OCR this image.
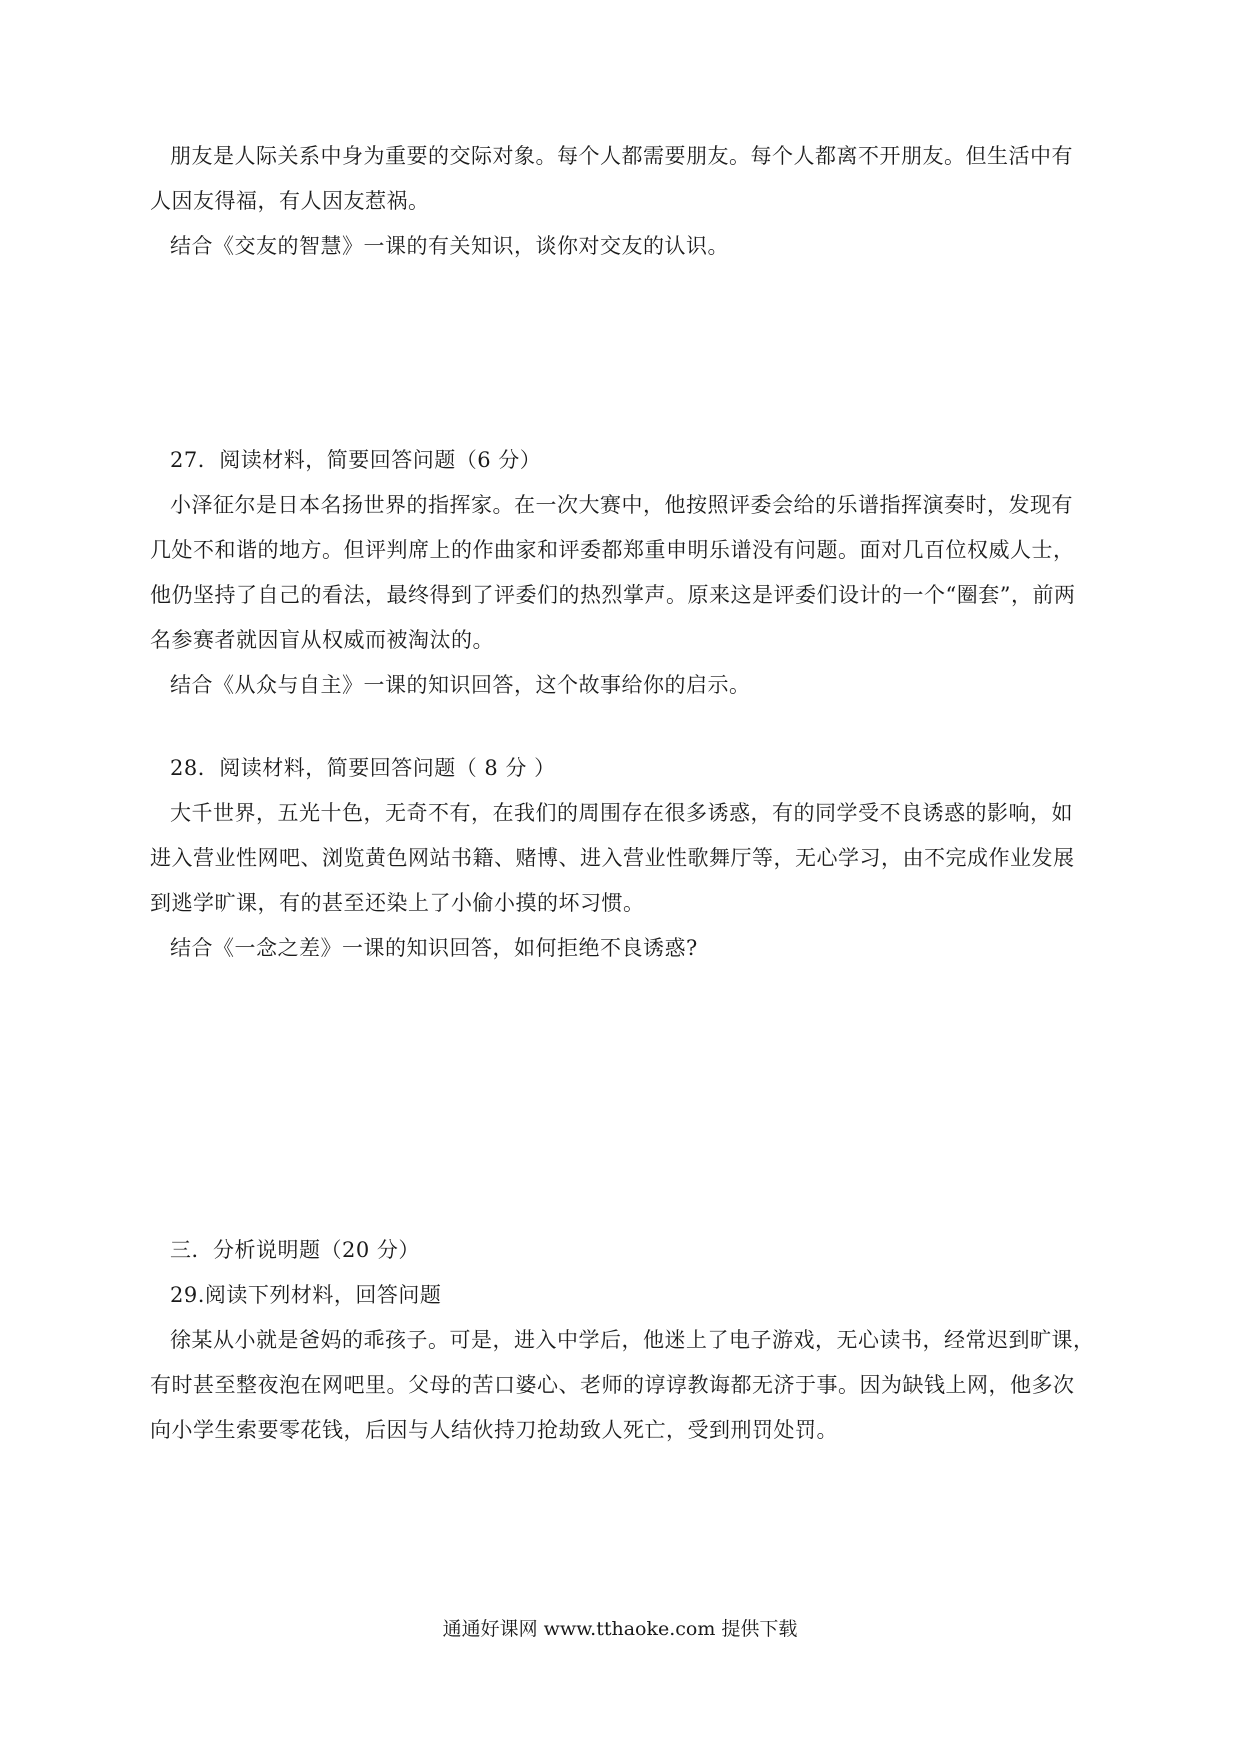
朋友是人际关系中身为重要的交际对象。每个人都需要朋友。每个人都离不开朋友。但生活中有
人因友得福，有人因友惹祸。
结合《交友的智慧》一课的有关知识，谈你对交友的认识。
27．阅读材料，简要回答问题（6 分）
小泽征尔是日本名扬世界的指挥家。在一次大赛中，他按照评委会给的乐谱指挥演奏时，发现有
几处不和谐的地方。但评判席上的作曲家和评委都郑重申明乐谱没有问题。面对几百位权威人士，
他仍坚持了自己的看法，最终得到了评委们的热烈掌声。原来这是评委们设计的一个“圈套”，前两
名参赛者就因盲从权威而被淘汰的。
结合《从众与自主》一课的知识回答，这个故事给你的启示。
28．阅读材料，简要回答问题（ 8 分 ）
大千世界，五光十色，无奇不有，在我们的周围存在很多诱惑，有的同学受不良诱惑的影响，如
进入营业性网吧、浏览黄色网站书籍、赌博、进入营业性歌舞厅等，无心学习，由不完成作业发展
到逃学旷课，有的甚至还染上了小偷小摸的坏习惯。
结合《一念之差》一课的知识回答，如何拒绝不良诱惑?
三．分析说明题（20 分）
29.阅读下列材料，回答问题
徐某从小就是爸妈的乖孩子。可是，进入中学后，他迷上了电子游戏，无心读书，经常迟到旷课，
有时甚至整夜泡在网吧里。父母的苦口婆心、老师的谆谆教诲都无济于事。因为缺钱上网，他多次
向小学生索要零花钱，后因与人结伙持刀抢劫致人死亡，受到刑罚处罚。
通通好课网 www.tthaoke.com 提供下载
